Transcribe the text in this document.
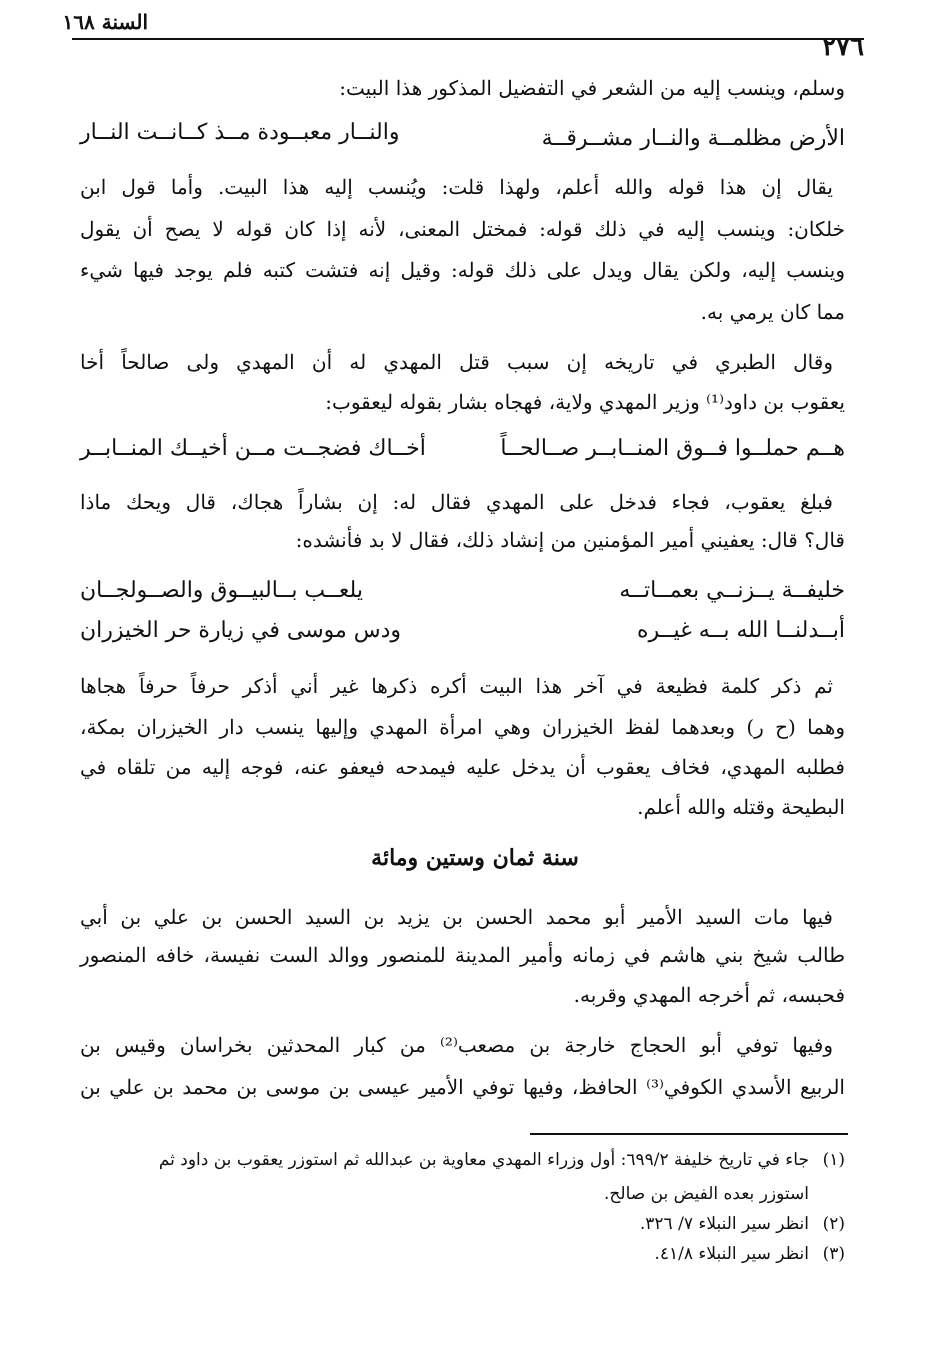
السنة ١٦٨
٢٧٦
وسلم، وينسب إليه من الشعر في التفضيل المذكور هذا البيت:
الأرض مظلمــة والنــار مشــرقــة
والنــار معبــودة مــذ كــانــت النــار
يقال إن هذا قوله والله أعلم، ولهذا قلت: ويُنسب إليه هذا البيت. وأما قول ابن
خلكان: وينسب إليه في ذلك قوله: فمختل المعنى، لأنه إذا كان قوله لا يصح أن يقول
وينسب إليه، ولكن يقال ويدل على ذلك قوله: وقيل إنه فتشت كتبه فلم يوجد فيها شيء
مما كان يرمي به.
وقال الطبري في تاريخه إن سبب قتل المهدي له أن المهدي ولى صالحاً أخا
يعقوب بن داود⁽¹⁾ وزير المهدي ولاية، فهجاه بشار بقوله ليعقوب:
هــم حملــوا فــوق المنــابــر صــالحــاً
أخــاك فضجــت مــن أخيــك المنــابــر
فبلغ يعقوب، فجاء فدخل على المهدي فقال له: إن بشاراً هجاك، قال ويحك ماذا
قال؟ قال: يعفيني أمير المؤمنين من إنشاد ذلك، فقال لا بد فأنشده:
خليفــة يــزنــي بعمــاتــه
يلعــب بــالبيــوق والصــولجــان
أبــدلنــا الله بــه غيــره
ودس موسى في زيارة حر الخيزران
ثم ذكر كلمة فظيعة في آخر هذا البيت أكره ذكرها غير أني أذكر حرفاً حرفاً هجاها
وهما (ح ر) وبعدهما لفظ الخيزران وهي امرأة المهدي وإليها ينسب دار الخيزران بمكة،
فطلبه المهدي، فخاف يعقوب أن يدخل عليه فيمدحه فيعفو عنه، فوجه إليه من تلقاه في
البطيحة وقتله والله أعلم.
سنة ثمان وستين ومائة
فيها مات السيد الأمير أبو محمد الحسن بن يزيد بن السيد الحسن بن علي بن أبي
طالب شيخ بني هاشم في زمانه وأمير المدينة للمنصور ووالد الست نفيسة، خافه المنصور
فحبسه، ثم أخرجه المهدي وقربه.
وفيها توفي أبو الحجاج خارجة بن مصعب⁽²⁾ من كبار المحدثين بخراسان وقيس بن
الربيع الأسدي الكوفي⁽³⁾ الحافظ، وفيها توفي الأمير عيسى بن موسى بن محمد بن علي بن
(١)جاء في تاريخ خليفة ٦٩٩/٢: أول وزراء المهدي معاوية بن عبدالله ثم استوزر يعقوب بن داود ثم
استوزر بعده الفيض بن صالح.
(٢)انظر سير النبلاء ٧/ ٣٢٦.
(٣)انظر سير النبلاء ٤١/٨.
